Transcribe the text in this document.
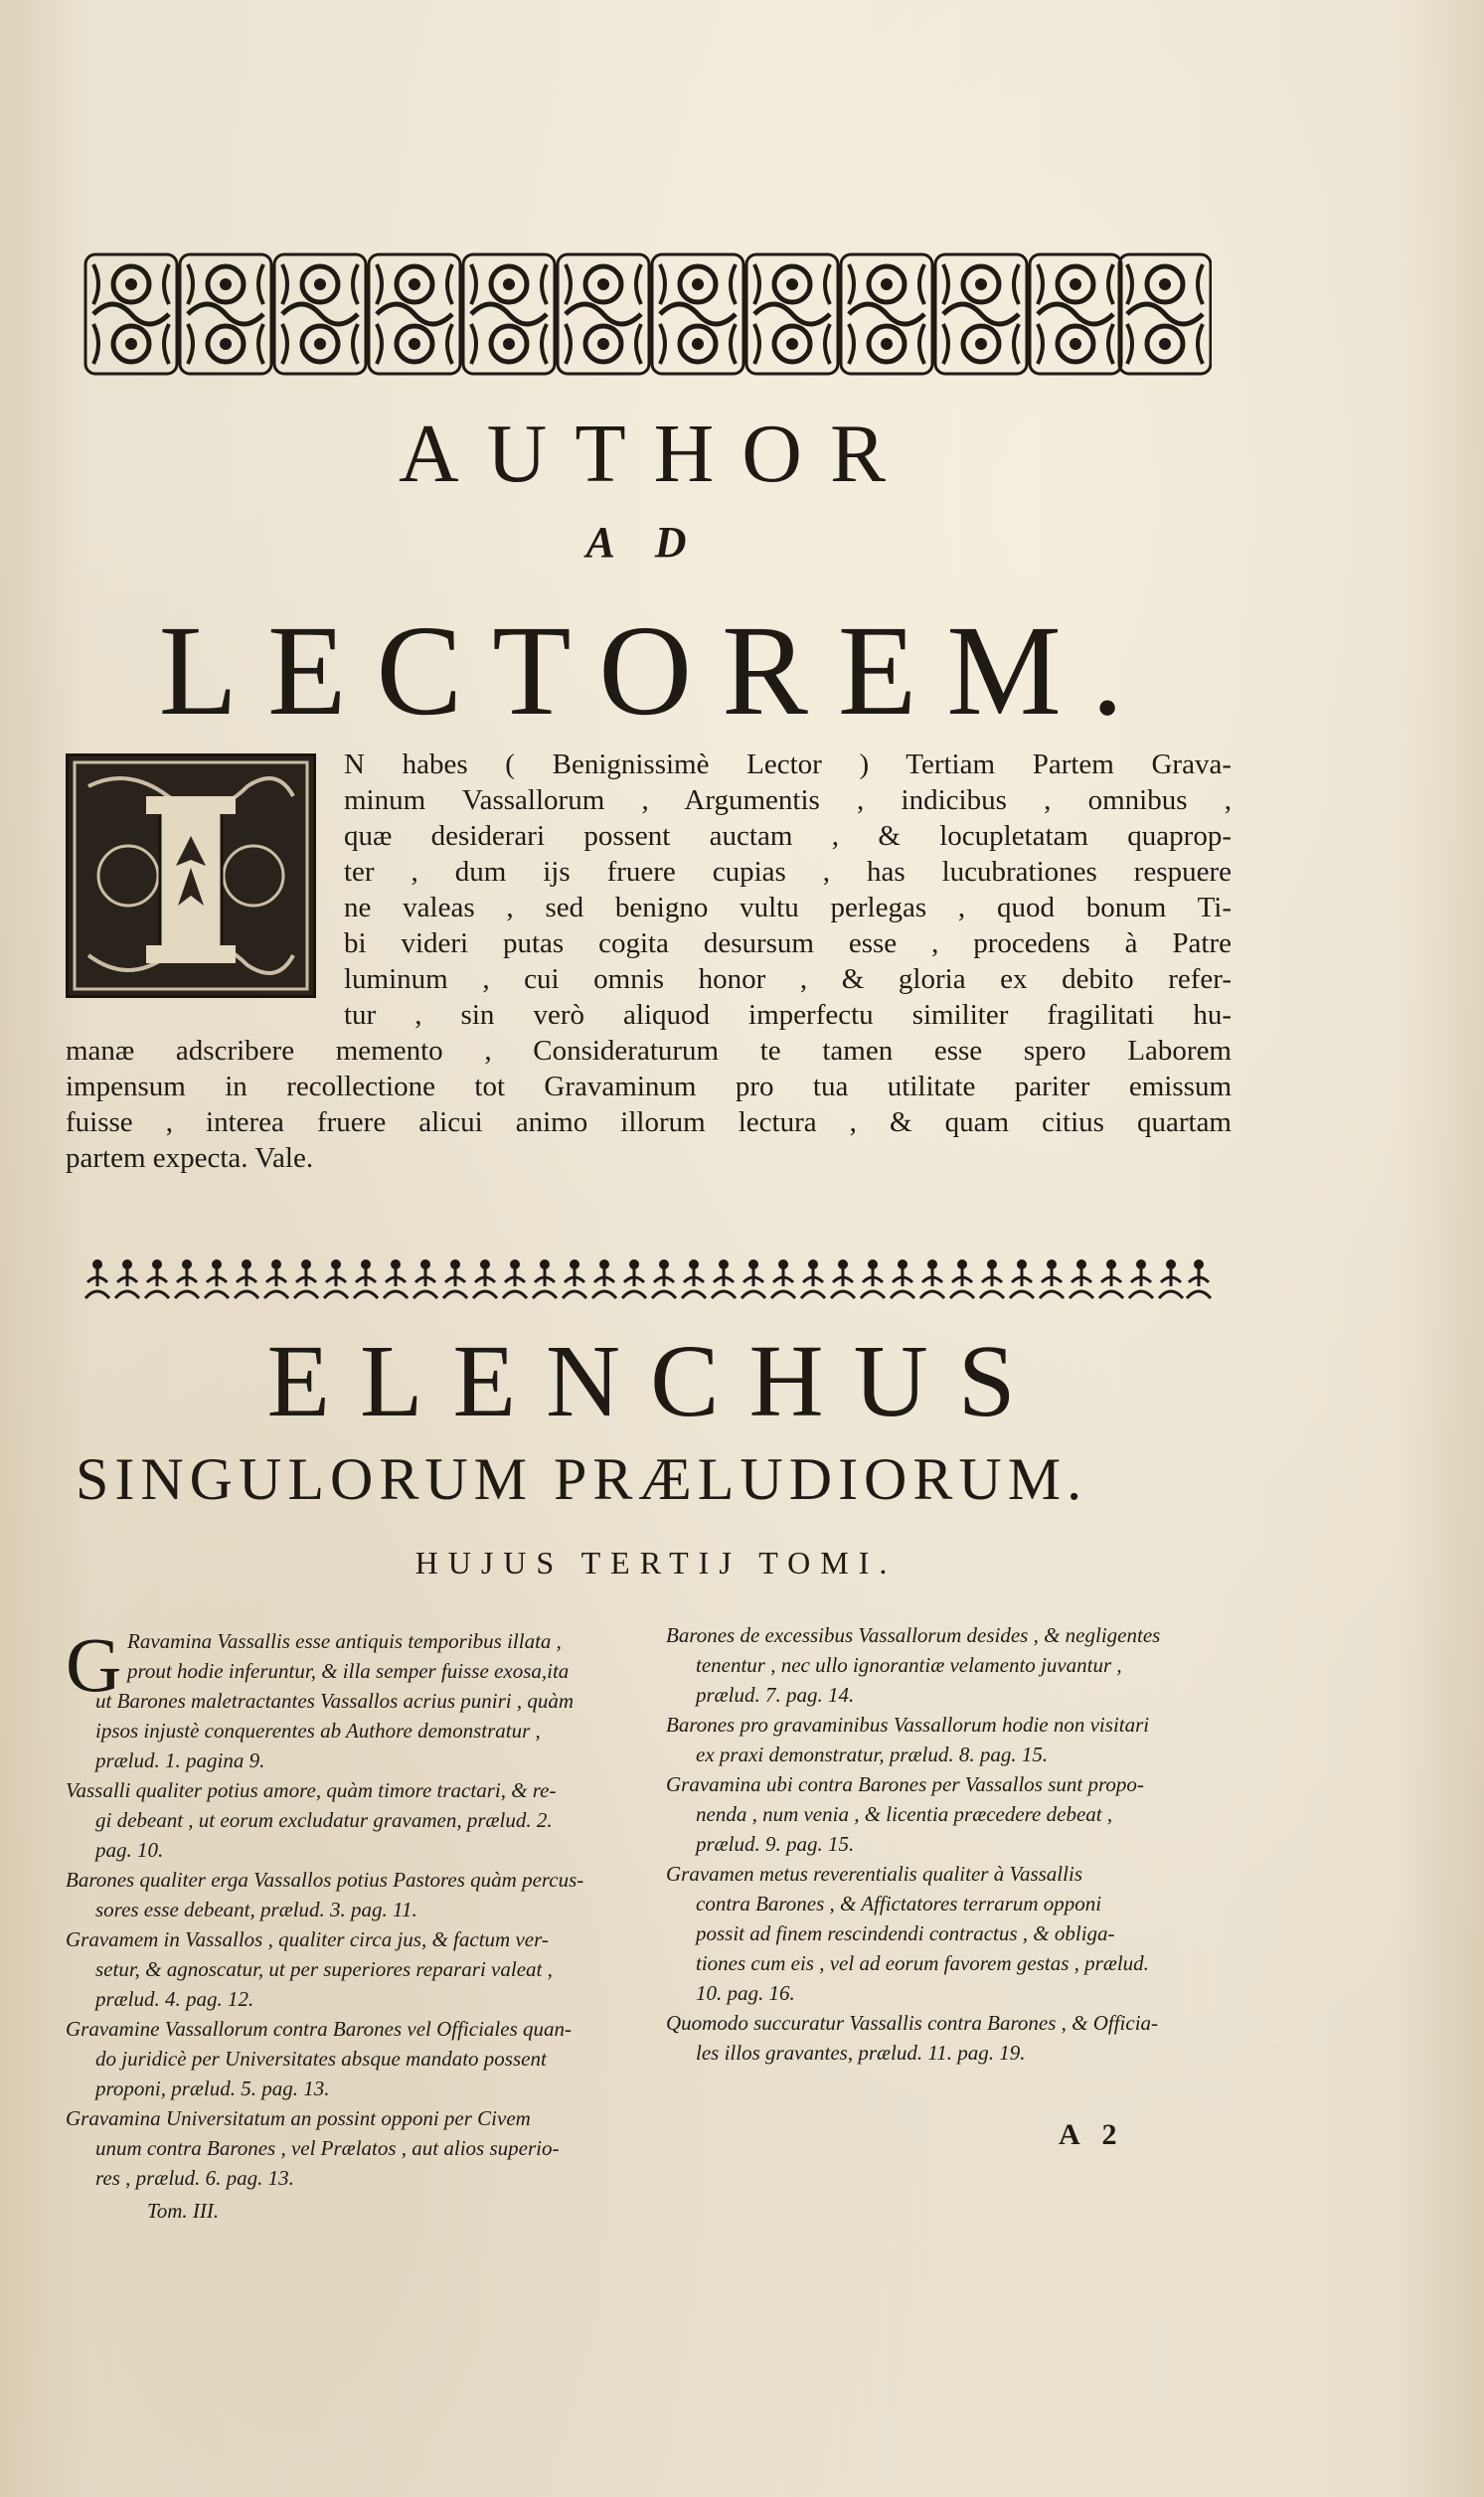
AUTHOR
AD
LECTOREM.
N habes ( Benignissimè Lector ) Tertiam Partem Grava-
minum Vassallorum , Argumentis , indicibus , omnibus ,
quæ desiderari possent auctam , & locupletatam quaprop-
ter , dum ijs fruere cupias , has lucubrationes respuere
ne valeas , sed benigno vultu perlegas , quod bonum Ti-
bi videri putas cogita desursum esse , procedens à Patre
luminum , cui omnis honor , & gloria ex debito refer-
tur , sin verò aliquod imperfectu similiter fragilitati hu-
manæ adscribere memento , Consideraturum te tamen esse spero Laborem
impensum in recollectione tot Gravaminum pro tua utilitate pariter emissum
fuisse , interea fruere alicui animo illorum lectura , & quam citius quartam
partem expecta. Vale.
ELENCHUS
SINGULORUM PRÆLUDIORUM.
HUJUS TERTIJ TOMI.
G Ravamina Vassallis esse antiquis temporibus illata ,
prout hodie inferuntur, & illa semper fuisse exosa,ita
ut Barones maletractantes Vassallos acrius puniri , quàm
ipsos injustè conquerentes ab Authore demonstratur ,
prælud. 1. pagina 9.
Vassalli qualiter potius amore, quàm timore tractari, & re-
gi debeant , ut eorum excludatur gravamen, prælud. 2.
pag. 10.
Barones qualiter erga Vassallos potius Pastores quàm percus-
sores esse debeant, prælud. 3. pag. 11.
Gravamem in Vassallos , qualiter circa jus, & factum ver-
setur, & agnoscatur, ut per superiores reparari valeat ,
prælud. 4. pag. 12.
Gravamine Vassallorum contra Barones vel Officiales quan-
do juridicè per Universitates absque mandato possent
proponi, prælud. 5. pag. 13.
Gravamina Universitatum an possint opponi per Civem
unum contra Barones , vel Prælatos , aut alios superio-
res , prælud. 6. pag. 13.
Tom. III.
Barones de excessibus Vassallorum desides , & negligentes
tenentur , nec ullo ignorantiæ velamento juvantur ,
prælud. 7. pag. 14.
Barones pro gravaminibus Vassallorum hodie non visitari
ex praxi demonstratur, prælud. 8. pag. 15.
Gravamina ubi contra Barones per Vassallos sunt propo-
nenda , num venia , & licentia præcedere debeat ,
prælud. 9. pag. 15.
Gravamen metus reverentialis qualiter à Vassallis
contra Barones , & Affictatores terrarum opponi
possit ad finem rescindendi contractus , & obliga-
tiones cum eis , vel ad eorum favorem gestas , prælud.
10. pag. 16.
Quomodo succuratur Vassallis contra Barones , & Officia-
les illos gravantes, prælud. 11. pag. 19.
A 2
